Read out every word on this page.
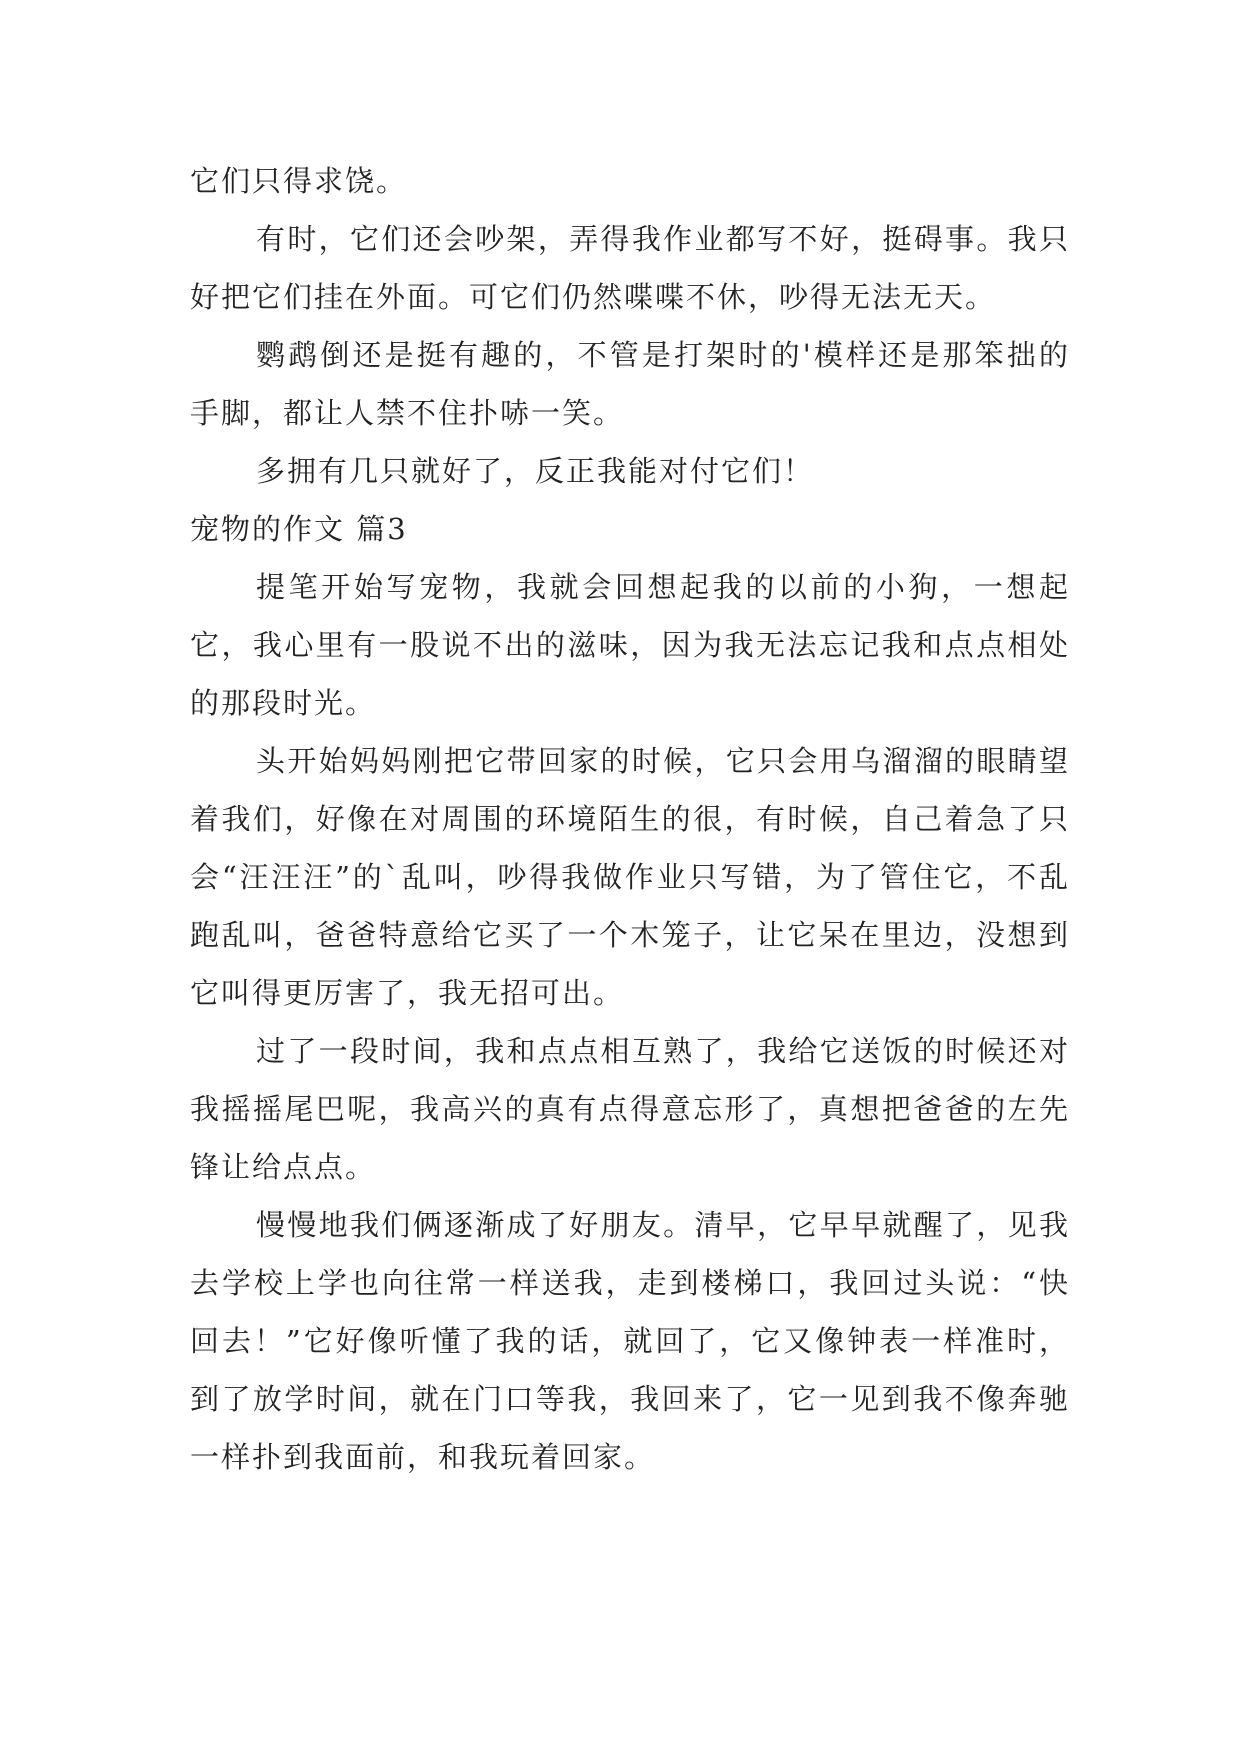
它们只得求饶。

有时，它们还会吵架，弄得我作业都写不好，挺碍事。我只好把它们挂在外面。可它们仍然喋喋不休，吵得无法无天。

鹦鹉倒还是挺有趣的，不管是打架时的'模样还是那笨拙的手脚，都让人禁不住扑哧一笑。

多拥有几只就好了，反正我能对付它们！

宠物的作文 篇3

提笔开始写宠物，我就会回想起我的以前的小狗，一想起它，我心里有一股说不出的滋味，因为我无法忘记我和点点相处的那段时光。

头开始妈妈刚把它带回家的时候，它只会用乌溜溜的眼睛望着我们，好像在对周围的环境陌生的很，有时候，自己着急了只会“汪汪汪”的`乱叫，吵得我做作业只写错，为了管住它，不乱跑乱叫，爸爸特意给它买了一个木笼子，让它呆在里边，没想到它叫得更厉害了，我无招可出。

过了一段时间，我和点点相互熟了，我给它送饭的时候还对我摇摇尾巴呢，我高兴的真有点得意忘形了，真想把爸爸的左先锋让给点点。

慢慢地我们俩逐渐成了好朋友。清早，它早早就醒了，见我去学校上学也向往常一样送我，走到楼梯口，我回过头说：“快回去！”它好像听懂了我的话，就回了，它又像钟表一样准时，到了放学时间，就在门口等我，我回来了，它一见到我不像奔驰一样扑到我面前，和我玩着回家。
